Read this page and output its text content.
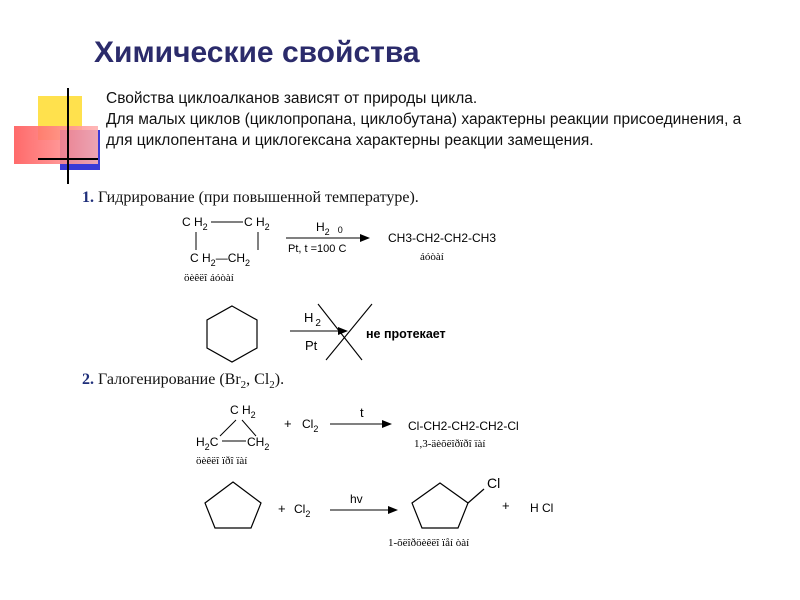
Химические свойства

Свойства циклоалканов зависят от природы цикла.

Для малых циклов (циклопропана, циклобутана) характерны реакции присоединения, а для циклопентана и циклогексана характерны реакции замещения.

1. Гидрирование (при повышенной температуре).
2. Галогенирование ($Br_2$, $Cl_2$).
C $H_2$	C $H_2$
C $H_2—CH_2$
öèêëî áóòàí
$H_2$ 0
Pt, t =100 C
CH3-CH2-CH2-CH3
áóòàí
H $_2$
Pt
не протекает
C $H_2$
$H_2C$ $CH_2$
öèêëî ïðî ïàí
+ $Cl_2$
t
Cl-CH2-CH2-CH2-Cl
1,3-äèõëîðïðî ïàí
+ $Cl_2$
hv
Cl
+ H Cl
1-õëîðöèêëî ïåí òàí
